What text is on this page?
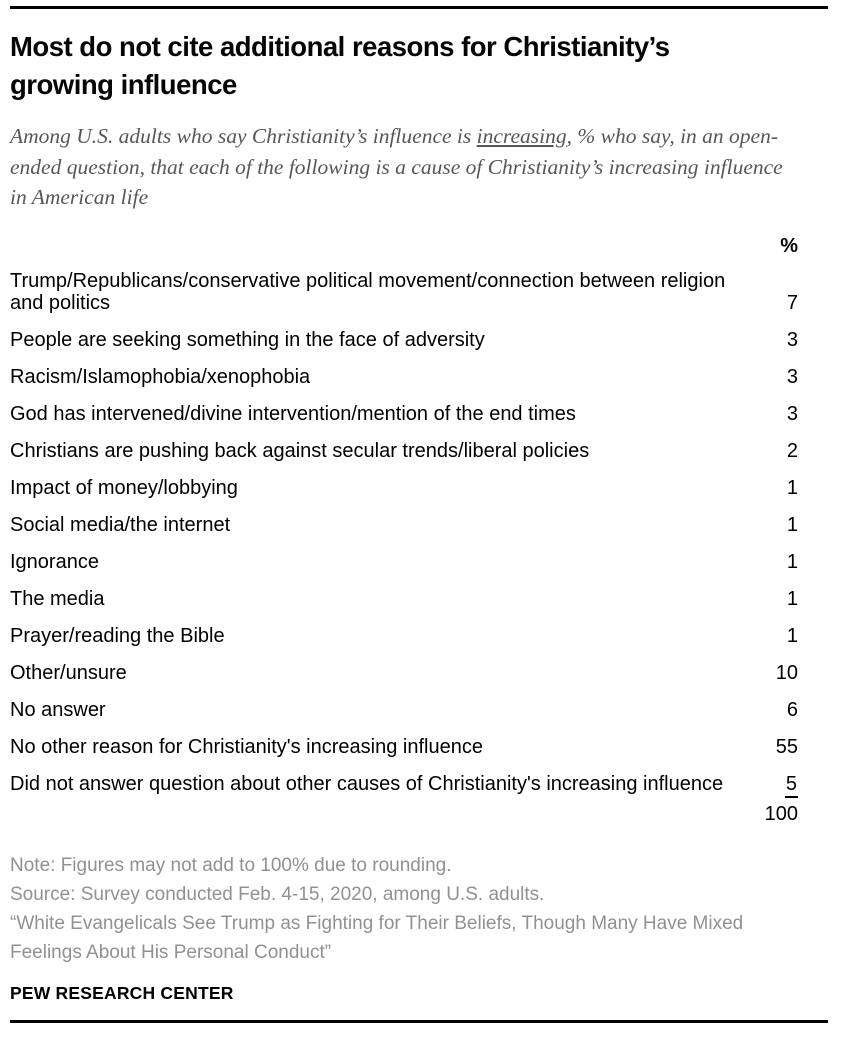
Most do not cite additional reasons for Christianity’s
growing influence

Among U.S. adults who say Christianity’s influence is increasing, % who say, in an open-ended question, that each of the following is a cause of Christianity’s increasing influence in American life

%
Trump/Republicans/conservative political movement/connection between religion and politics	7
People are seeking something in the face of adversity	3
Racism/Islamophobia/xenophobia	3
God has intervened/divine intervention/mention of the end times	3
Christians are pushing back against secular trends/liberal policies	2
Impact of money/lobbying	1
Social media/the internet	1
Ignorance	1
The media	1
Prayer/reading the Bible	1
Other/unsure	10
No answer	6
No other reason for Christianity's increasing influence	55
Did not answer question about other causes of Christianity's increasing influence	5
100
Note: Figures may not add to 100% due to rounding.
Source: Survey conducted Feb. 4-15, 2020, among U.S. adults.
“White Evangelicals See Trump as Fighting for Their Beliefs, Though Many Have Mixed Feelings About His Personal Conduct”
PEW RESEARCH CENTER
